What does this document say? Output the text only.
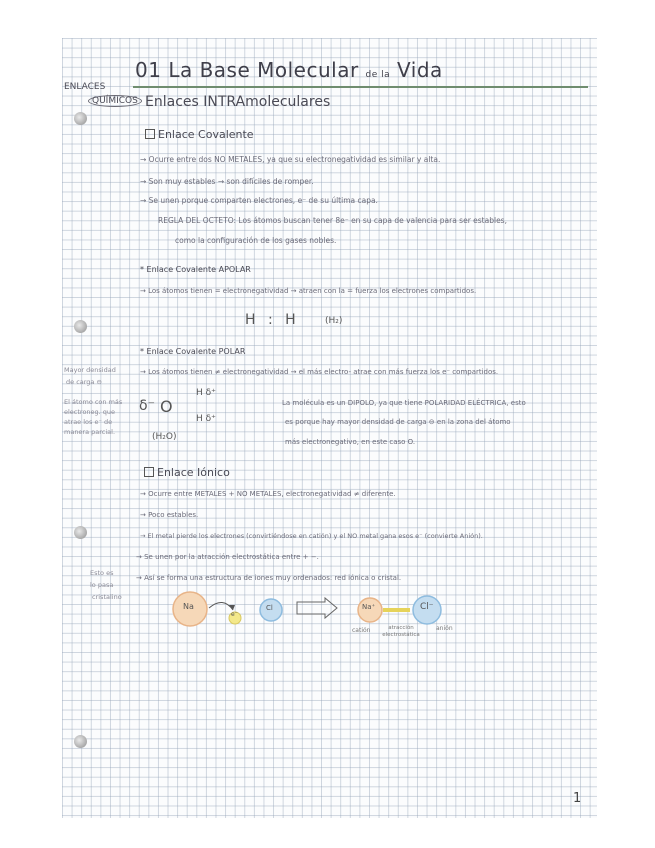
01 La Base Molecular de la Vida
ENLACES
QUÍMICOS Enlaces INTRAmoleculares
Enlace Covalente
→ Ocurre entre dos NO METALES, ya que su electronegatividad es similar y alta.
→ Son muy estables → son difíciles de romper.
→ Se unen porque comparten electrones, e⁻ de su última capa.
REGLA DEL OCTETO: Los átomos buscan tener 8e⁻ en su capa de valencia para ser estables,
como la configuración de los gases nobles.
* Enlace Covalente APOLAR
→ Los átomos tienen = electronegatividad → atraen con la = fuerza los electrones compartidos.
H : H	(H₂)
* Enlace Covalente POLAR
→ Los átomos tienen ≠ electronegatividad → el más electro- atrae con más fuerza los e⁻ compartidos.
Mayor densidad
de carga ⊖
El átomo con más
electroneg. que
atrae los e⁻ de
manera parcial.
δ⁻ O
H δ⁺
H δ⁺
(H₂O)
La molécula es un DIPOLO, ya que tiene POLARIDAD ELÉCTRICA, esto
es porque hay mayor densidad de carga ⊖ en la zona del átomo
más electronegativo, en este caso O.
Enlace Iónico
→ Ocurre entre METALES + NO METALES, electronegatividad ≠ diferente.
→ Poco estables.
→ El metal pierde los electrones (convirtiéndose en catión) y el NO metal gana esos e⁻ (convierte Anión).
→ Se unen por la atracción electrostática entre + −.
→ Así se forma una estructura de iones muy ordenados: red iónica o cristal.
Esto es
lo pasa
cristalino
Na
e⁻
Cl	Na⁺	Cl⁻
catión	atracción electrostática
anión
1
